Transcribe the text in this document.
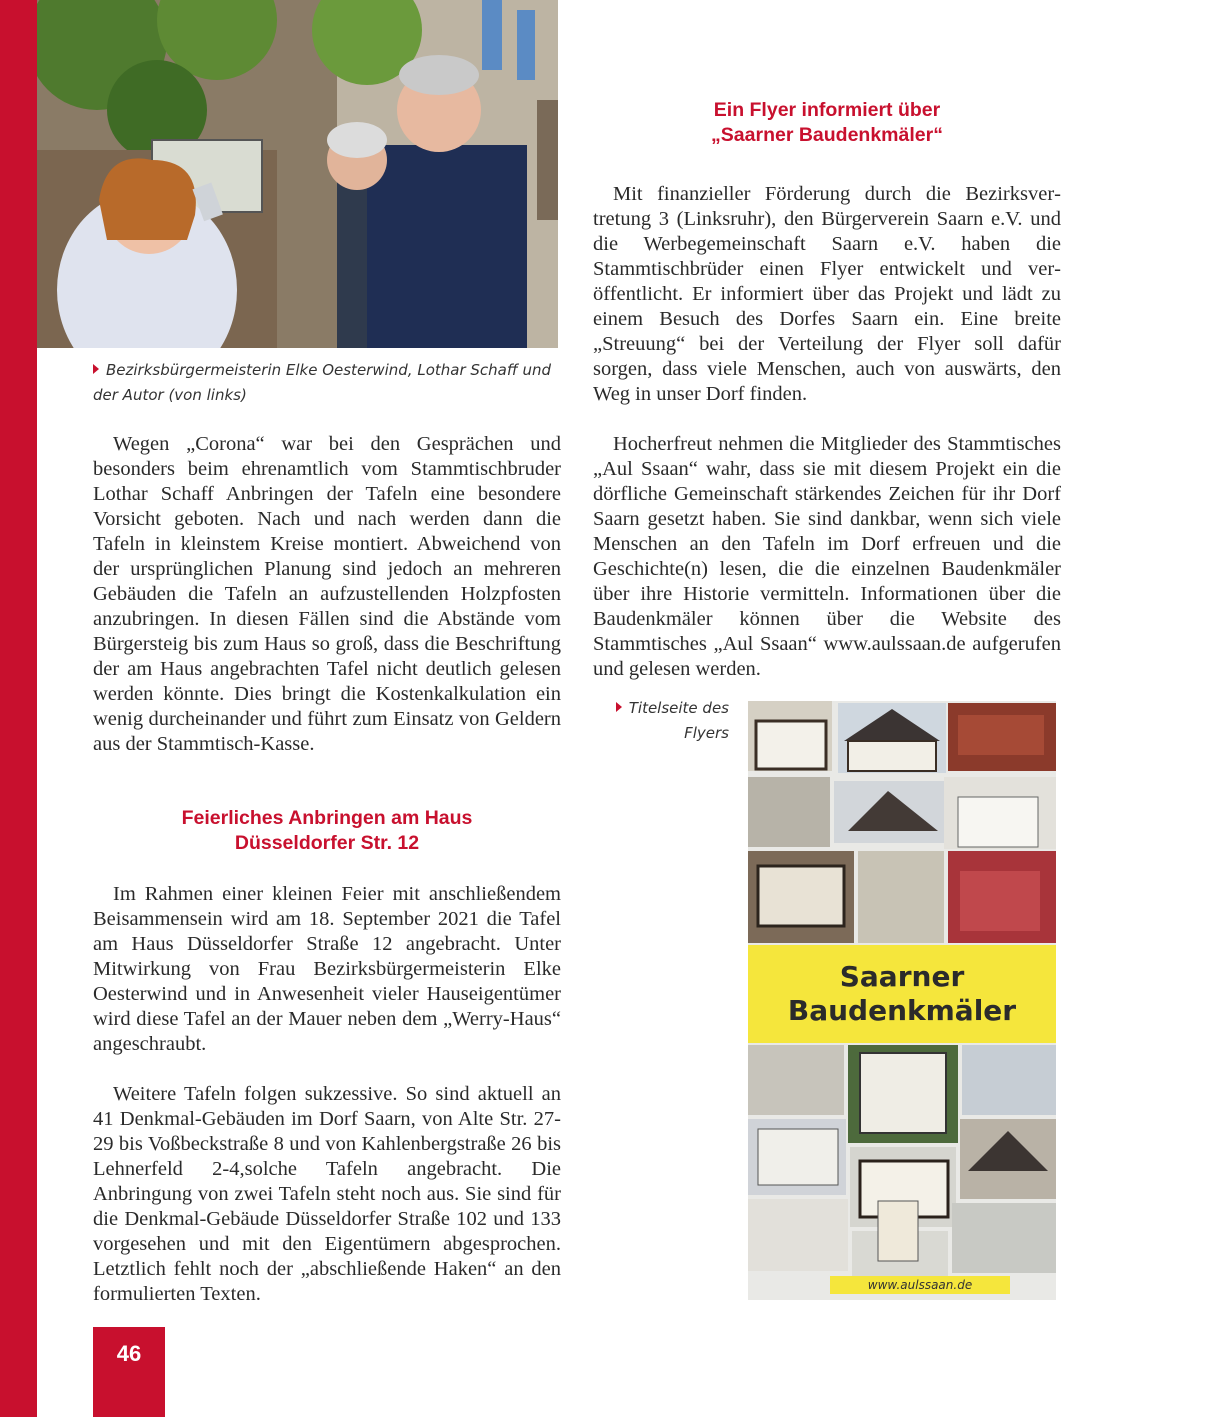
Bezirksbürgermeisterin Elke Oesterwind, Lothar Schaff und
der Autor (von links)

Wegen „Corona“ war bei den Gesprächen und besonders beim ehrenamtlich vom Stammtischbruder Lothar Schaff Anbringen der Tafeln eine besondere Vorsicht geboten. Nach und nach werden dann die Tafeln in kleinstem Kreise montiert. Abweichend von der ursprünglichen Planung sind jedoch an mehreren Gebäuden die Tafeln an aufzustellenden Holzpfosten anzubringen. In diesen Fällen sind die Abstände vom Bürgersteig bis zum Haus so groß, dass die Beschriftung der am Haus angebrachten Tafel nicht deutlich gelesen werden könnte. Dies bringt die Kostenkalkulation ein wenig durcheinander und führt zum Einsatz von Geldern aus der Stammtisch-Kasse.

Feierliches Anbringen am Haus
Düsseldorfer Str. 12

Im Rahmen einer kleinen Feier mit anschließendem Beisammensein wird am 18. September 2021 die Tafel am Haus Düsseldorfer Straße 12 angebracht. Unter Mitwirkung von Frau Bezirksbürgermeisterin Elke Oesterwind und in Anwesenheit vieler Hauseigentümer wird diese Tafel an der Mauer neben dem „Werry-Haus“ angeschraubt.

Weitere Tafeln folgen sukzessive. So sind aktuell an 41 Denkmal-Gebäuden im Dorf Saarn, von Alte Str. 27-29 bis Voßbeckstraße 8 und von Kahlenbergstraße 26 bis Lehnerfeld 2-4,solche Tafeln angebracht. Die Anbringung von zwei Tafeln steht noch aus. Sie sind für die Denkmal-Gebäude Düsseldorfer Straße 102 und 133 vorgesehen und mit den Eigentümern abgesprochen. Letztlich fehlt noch der „abschließende Haken“ an den formulierten Texten.

Ein Flyer informiert über
„Saarner Baudenkmäler“

Mit finanzieller Förderung durch die Bezirksvertretung 3 (Linksruhr), den Bürgerverein Saarn e.V. und die Werbegemeinschaft Saarn e.V. haben die Stammtischbrüder einen Flyer entwickelt und veröffentlicht. Er informiert über das Projekt und lädt zu einem Besuch des Dorfes Saarn ein. Eine breite „Streuung“ bei der Verteilung der Flyer soll dafür sorgen, dass viele Menschen, auch von auswärts, den Weg in unser Dorf finden.

Hocherfreut nehmen die Mitglieder des Stammtisches „Aul Ssaan“ wahr, dass sie mit diesem Projekt ein die dörfliche Gemeinschaft stärkendes Zeichen für ihr Dorf Saarn gesetzt haben. Sie sind dankbar, wenn sich viele Menschen an den Tafeln im Dorf erfreuen und die Geschichte(n) lesen, die die einzelnen Baudenkmäler über ihre Historie vermitteln. Informationen über die Baudenkmäler können über die Website des Stammtisches „Aul Ssaan“ www.aulssaan.de aufgerufen und gelesen werden.

Titelseite des
Flyers
Saarner
Baudenkmäler
www.aulssaan.de
46
